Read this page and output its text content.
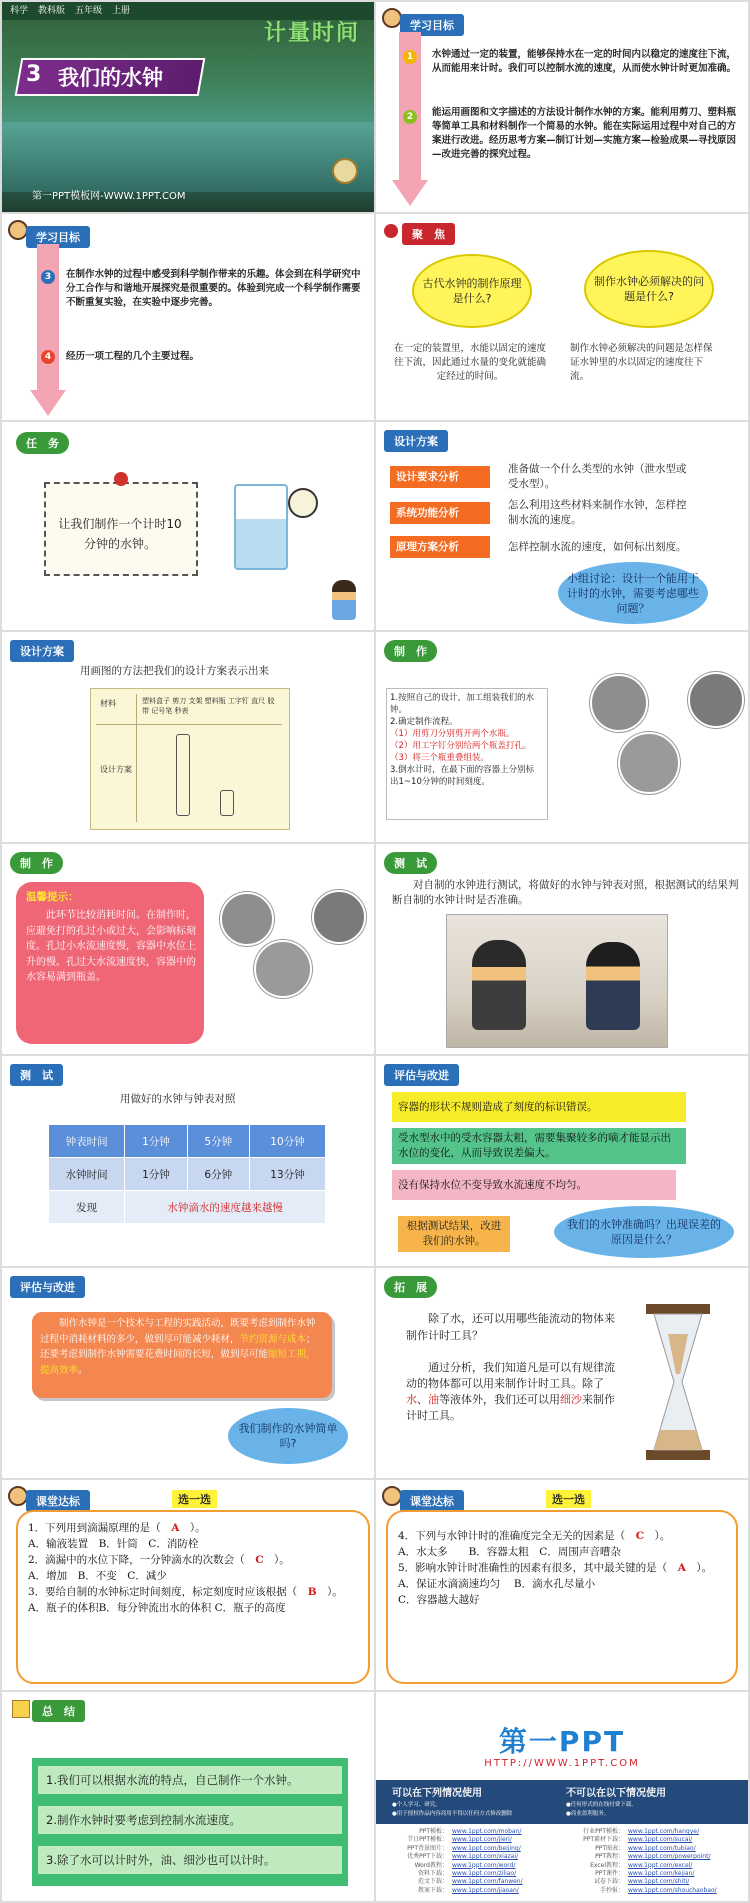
科学 教科版 五年级 上册
计量时间
3 我们的水钟
第一PPT模板网-WWW.1PPT.COM
学习目标
1	水钟通过一定的装置，能够保持水在一定的时间内以稳定的速度往下流，从而能用来计时。我们可以控制水流的速度，从而使水钟计时更加准确。
2	能运用画图和文字描述的方法设计制作水钟的方案。能利用剪刀、塑料瓶等简单工具和材料制作一个简易的水钟。能在实际运用过程中对自己的方案进行改进。经历思考方案—制订计划—实施方案—检验成果—寻找原因—改进完善的探究过程。
学习目标
3	在制作水钟的过程中感受到科学制作带来的乐趣。体会到在科学研究中分工合作与和谐地开展探究是很重要的。体验到完成一个科学制作需要不断重复实验，在实验中逐步完善。
4	经历一项工程的几个主要过程。
聚　焦
古代水钟的制作原理是什么?
制作水钟必须解决的问题是什么?
在一定的装置里，水能以固定的速度往下流，因此通过水量的变化就能确定经过的时间。
制作水钟必须解决的问题是怎样保证水钟里的水以固定的速度往下流。
任　务
让我们制作一个计时10分钟的水钟。
设计方案
设计要求分析
准备做一个什么类型的水钟（泄水型或受水型）。
系统功能分析
怎么利用这些材料来制作水钟，怎样控制水流的速度。
原理方案分析	怎样控制水流的速度，如何标出刻度。
小组讨论：设计一个能用于计时的水钟，需要考虑哪些问题？
设计方案
用画图的方法把我们的设计方案表示出来
材料	塑料盒子 剪刀 支架 塑料瓶 工字钉 直尺 胶带 记号笔 秒表
设计方案
制　作
1.按照自己的设计，加工组装我们的水钟。
2.确定制作流程。
（1）用剪刀分别剪开两个水瓶。
（2）用工字钉分别给两个瓶盖打孔。
（3）将三个瓶重叠组装。
3.倒水计时，在最下面的容器上分别标出1~10分钟的时间刻度。
制　作
温馨提示：
此环节比较消耗时间。在制作时，应避免打的孔过小或过大，会影响标刻度。孔过小水流速度慢，容器中水位上升的慢。孔过大水流速度快，容器中的水容易满到瓶盖。
测　试
对自制的水钟进行测试，将做好的水钟与钟表对照，根据测试的结果判断自制的水钟计时是否准确。
测　试
用做好的水钟与钟表对照
钟表时间	1分钟	5分钟	10分钟
水钟时间	1分钟	6分钟	13分钟
发现	水钟滴水的速度越来越慢		
评估与改进
容器的形状不规则造成了刻度的标识错误。
受水型水中的受水容器太粗，需要集聚较多的嘀才能显示出水位的变化，从而导致误差偏大。
没有保持水位不变导致水流速度不均匀。
根据测试结果，改进我们的水钟。
我们的水钟准确吗？出现误差的原因是什么？
评估与改进
制作水钟是一个技术与工程的实践活动，既要考虑到制作水钟过程中消耗材料的多少，做到尽可能减少耗材，节约资源与成本；还要考虑到制作水钟需要花费时间的长短，做到尽可能缩短工期，提高效率。
我们制作的水钟简单吗?
拓　展
除了水，还可以用哪些能流动的物体来制作计时工具？
通过分析，我们知道凡是可以有规律流动的物体都可以用来制作计时工具。除了水、油等液体外，我们还可以用细沙来制作计时工具。
课堂达标	选一选
1．下列用到滴漏原理的是（　A　）。
A．输液装置　B．针筒　C．消防栓
2．滴漏中的水位下降，一分钟滴水的次数会（　C　）。
A．增加　B．不变　C．减少
3．要给自制的水钟标定时间刻度，标定刻度时应该根据（　B　）。
A．瓶子的体积B．每分钟流出水的体积 C．瓶子的高度
课堂达标	选一选
4．下列与水钟计时的准确度完全无关的因素是（　C　）。
A．水太多　　B．容器太粗　C．周围声音嘈杂
5．影响水钟计时准确性的因素有很多，其中最关键的是（　A　）。
A．保证水滴滴速均匀　 B．滴水孔尽量小
C．容器越大越好
总　结
1.我们可以根据水流的特点，自己制作一个水钟。
2.制作水钟时要考虑到控制水流速度。
3.除了水可以计时外，油、细沙也可以计时。
第一PPT
HTTP://WWW.1PPT.COM
可以在下列情况使用
●个人学习、研究。
●用于授权作品内容商用不得以任何方式修改删除
不可以在以下情况使用
●任何形式的在线付费下载。
●商业盈利服务。
PPT模板： www.1ppt.com/moban/
节日PPT模板： www.1ppt.com/jieri/
PPT背景图片： www.1ppt.com/beijing/
优秀PPT下载： www.1ppt.com/xiazai/
Word教程： www.1ppt.com/word/
资料下载： www.1ppt.com/ziliao/
范文下载： www.1ppt.com/fanwen/
教案下载： www.1ppt.com/jiaoan/
行业PPT模板： www.1ppt.com/hangye/
PPT素材下载： www.1ppt.com/sucai/
PPT图表： www.1ppt.com/tubiao/
PPT教程： www.1ppt.com/powerpoint/
Excel教程： www.1ppt.com/excel/
PPT课件： www.1ppt.com/kejian/
试卷下载： www.1ppt.com/shiti/
手抄报： www.1ppt.com/shouchaobao/
